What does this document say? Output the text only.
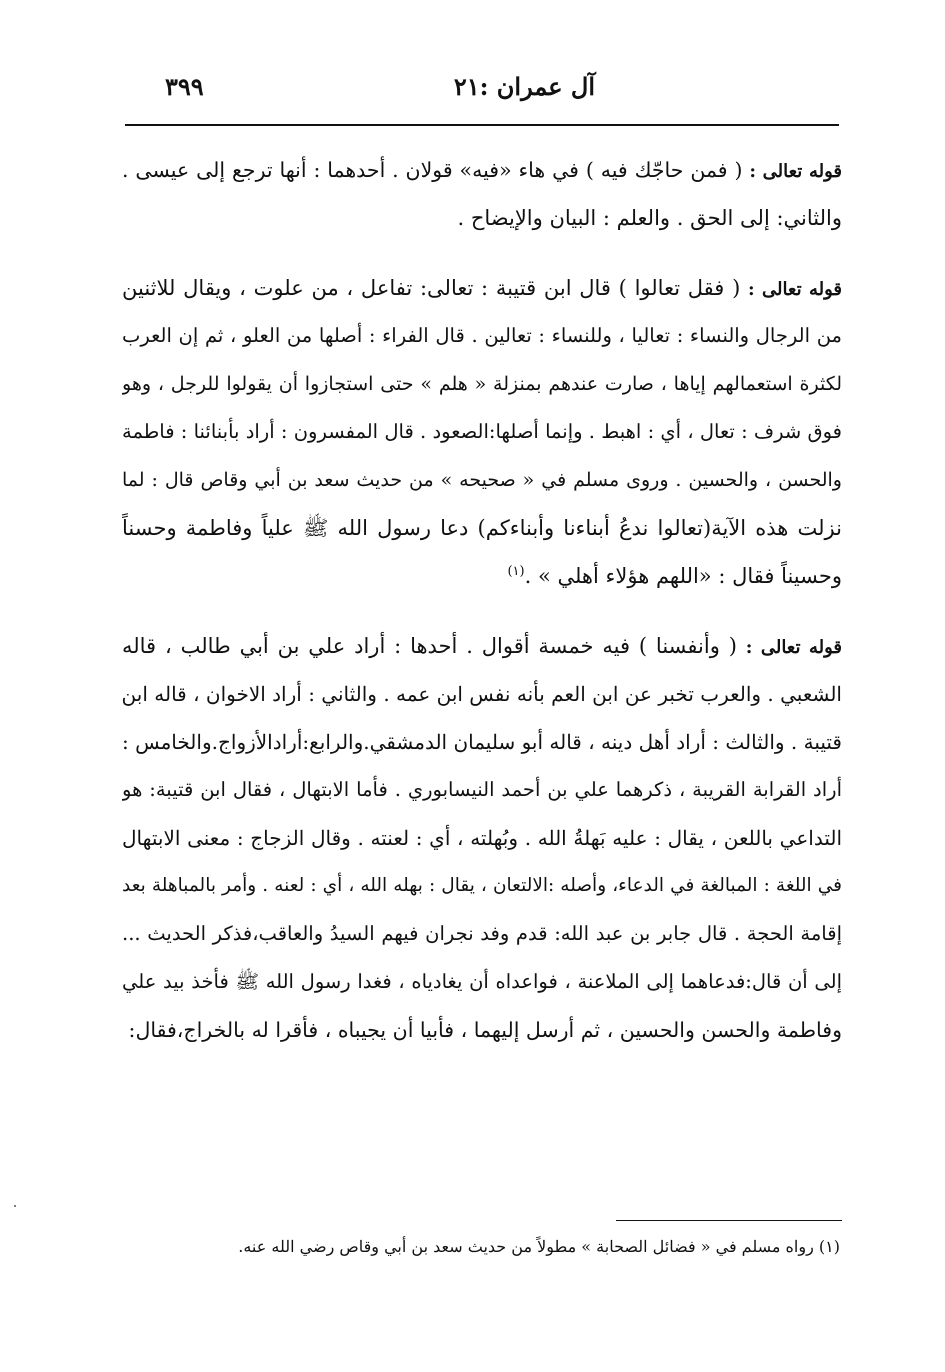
آل عمران :٢١
٣٩٩
قوله تعالى : ( فمن حاجّك فيه ) في هاء «فيه» قولان . أحدهما : أنها ترجع إلى عيسى .
والثاني: إلى الحق . والعلم : البيان والإيضاح .
قوله تعالى : ( فقل تعالوا ) قال ابن قتيبة : تعالى: تفاعل ، من علوت ، ويقال للاثنين
من الرجال والنساء : تعاليا ، وللنساء : تعالين . قال الفراء : أصلها من العلو ، ثم إن العرب
لكثرة استعمالهم إياها ، صارت عندهم بمنزلة « هلم » حتى استجازوا أن يقولوا للرجل ، وهو
فوق شرف : تعال ، أي : اهبط . وإنما أصلها:الصعود . قال المفسرون : أراد بأبنائنا : فاطمة
والحسن ، والحسين . وروى مسلم في « صحيحه » من حديث سعد بن أبي وقاص قال : لما
نزلت هذه الآية(تعالوا ندعُ أبناءنا وأبناءكم) دعا رسول الله ﷺ علياً وفاطمة وحسناً
وحسيناً فقال : «اللهم هؤلاء أهلي » .$^{(١)}$
قوله تعالى : ( وأنفسنا ) فيه خمسة أقوال . أحدها : أراد علي بن أبي طالب ، قاله
الشعبي . والعرب تخبر عن ابن العم بأنه نفس ابن عمه . والثاني : أراد الاخوان ، قاله ابن
قتيبة . والثالث : أراد أهل دينه ، قاله أبو سليمان الدمشقي.والرابع:أرادالأزواج.والخامس :
أراد القرابة القريبة ، ذكرهما علي بن أحمد النيسابوري . فأما الابتهال ، فقال ابن قتيبة: هو
التداعي باللعن ، يقال : عليه بَهلةُ الله . وبُهلته ، أي : لعنته . وقال الزجاج : معنى الابتهال
في اللغة : المبالغة في الدعاء، وأصله :الالتعان ، يقال : بهله الله ، أي : لعنه . وأمر بالمباهلة بعد
إقامة الحجة . قال جابر بن عبد الله: قدم وفد نجران فيهم السيدُ والعاقب،فذكر الحديث ...
إلى أن قال:فدعاهما إلى الملاعنة ، فواعداه أن يغادياه ، فغدا رسول الله ﷺ فأخذ بيد علي
وفاطمة والحسن والحسين ، ثم أرسل إليهما ، فأبيا أن يجيباه ، فأقرا له بالخراج،فقال:
(١) رواه مسلم في « فضائل الصحابة » مطولاً من حديث سعد بن أبي وقاص رضي الله عنه.
